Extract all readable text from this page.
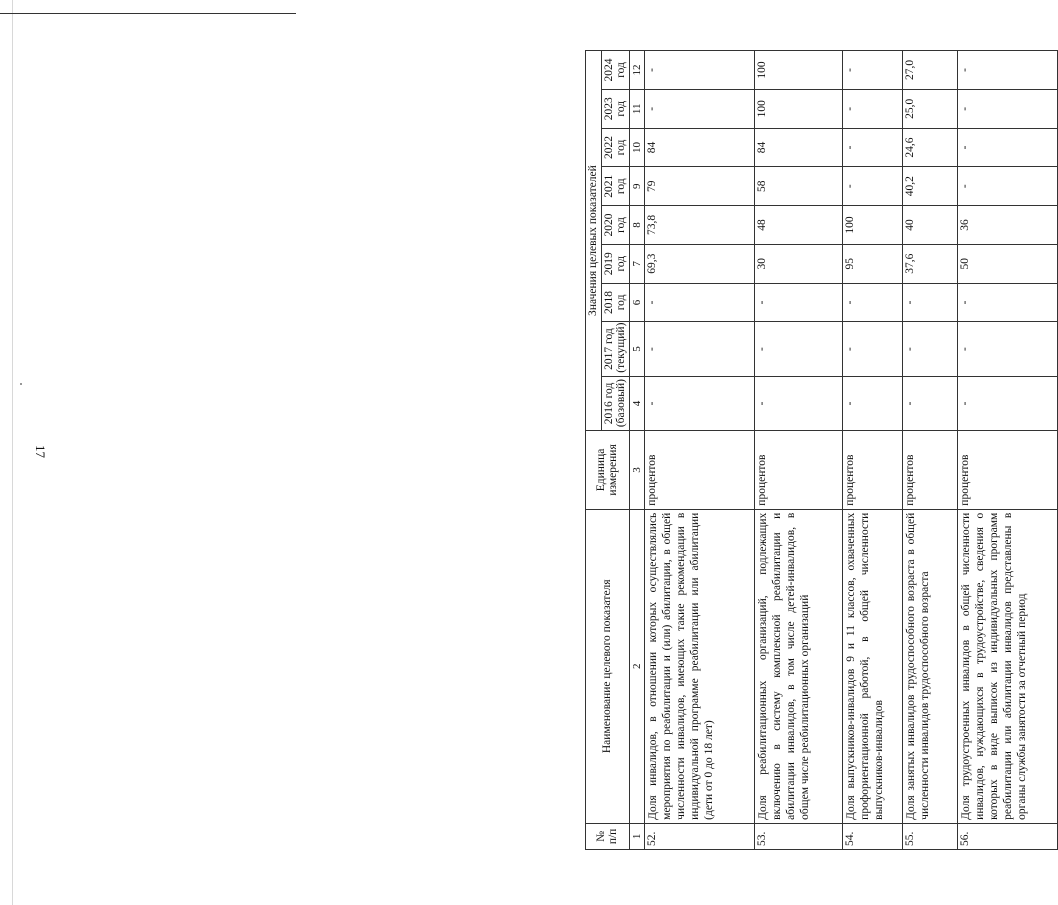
17
№
п/п	Наименование целевого показателя	Единица измерения	Значения целевых показателей								
			2016 год (базовый)	2017 год (текущий)	2018 год	2019 год	2020 год	2021 год	2022 год	2023 год	2024 год
1	2	3	4	5	6	7	8	9	10	11	12
52.	Доля инвалидов, в отношении которых осуществлялись мероприятия по реабилитации и (или) абилитации, в общей численности инвалидов, имеющих такие рекомендации в индивидуальной программе реабилитации или абилитации (дети от 0 до 18 лет)	процентов	-	-	-	69,3	73,8	79	84	-	-
53.	Доля реабилитационных организаций, подлежащих включению в систему комплексной реабилитации и абилитации инвалидов, в том числе детей-инвалидов, в общем числе реабилитационных организаций	процентов	-	-	-	30	48	58	84	100	100
54.	Доля выпускников-инвалидов 9 и 11 классов, охваченных профориентационной работой, в общей численности выпускников-инвалидов	процентов	-	-	-	95	100	-	-	-	-
55.	Доля занятых инвалидов трудоспособного возраста в общей численности инвалидов трудоспособного возраста	процентов	-	-	-	37,6	40	40,2	24,6	25,0	27,0
56.	Доля трудоустроенных инвалидов в общей численности инвалидов, нуждающихся в трудоустройстве, сведения о которых в виде выписок из индивидуальных программ реабилитации или абилитации инвалидов представлены в органы службы занятости за отчетный период	процентов	-	-	-	50	36	-	-	-	-
